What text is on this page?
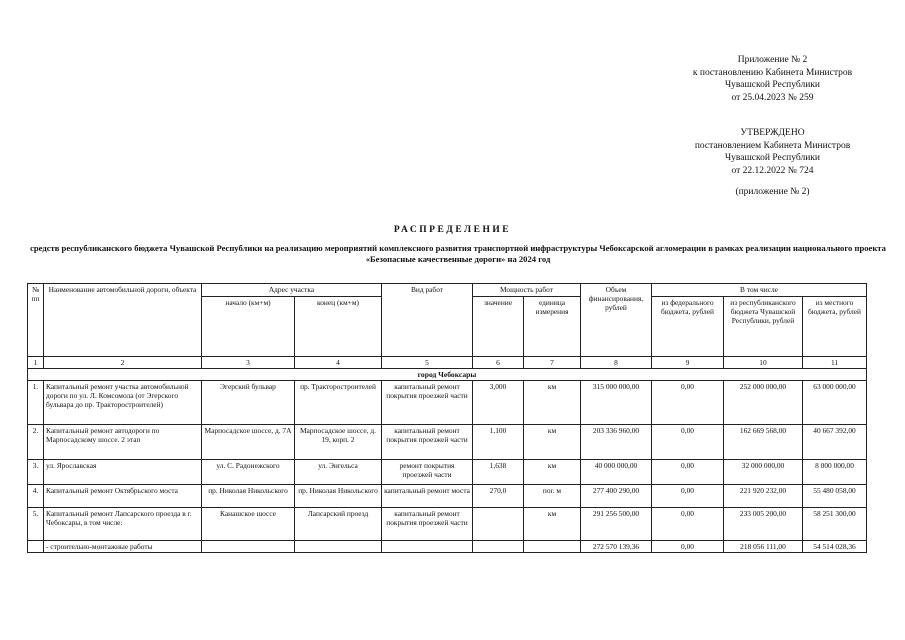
Приложение № 2
к постановлению Кабинета Министров
Чувашской Республики
от 25.04.2023 № 259
УТВЕРЖДЕНО
постановлением Кабинета Министров
Чувашской Республики
от 22.12.2022 № 724
(приложение № 2)
РАСПРЕДЕЛЕНИЕ
средств республиканского бюджета Чувашской Республики на реализацию мероприятий комплексного развития транспортной инфраструктуры Чебоксарской агломерации в рамках реализации национального проекта «Безопасные качественные дороги» на 2024 год
№ пп	Наименование автомобильной дороги, объекта	Адрес участка		Вид работ	Мощность работ		Объем финансирования, рублей	В том числе		
		начало (км+м)	конец (км+м)		значение	единица измерения		из федерального бюджета, рублей	из республиканского бюджета Чувашской Республики, рублей	из местного бюджета, рублей
1	2	3	4	5	6	7	8	9	10	11
город Чебоксары										
1.	Капитальный ремонт участка автомобильной дороги по ул. Л. Комсомола (от Эгерского бульвара до пр. Тракторостроителей)	Эгерский бульвар	пр. Тракторостроителей	капитальный ремонт покрытия проезжей части	3,000	км	315 000 000,00	0,00	252 000 000,00	63 000 000,00
2.	Капитальный ремонт автодороги по Марпосадскому шоссе. 2 этап	Марпосадское шоссе, д. 7А	Марпосадское шоссе, д. 19, корп. 2	капитальный ремонт покрытия проезжей части	1,100	км	203 336 960,00	0,00	162 669 568,00	40 667 392,00
3.	ул. Ярославская	ул. С. Радонежского	ул. Энгельса	ремонт покрытия проезжей части	1,638	км	40 000 000,00	0,00	32 000 000,00	8 000 000,00
4.	Капитальный ремонт Октябрьского моста	пр. Николая Никольского	пр. Николая Никольского	капитальный ремонт моста	270,0	пог. м	277 400 290,00	0,00	221 920 232,00	55 480 058,00
5.	Капитальный ремонт Лапсарского проезда в г. Чебоксары, в том числе:	Канашское шоссе	Лапсарский проезд	капитальный ремонт покрытия проезжей части		км	291 256 500,00	0,00	233 005 200,00	58 251 300,00
	- строительно-монтажные работы						272 570 139,36	0,00	218 056 111,00	54 514 028,36
